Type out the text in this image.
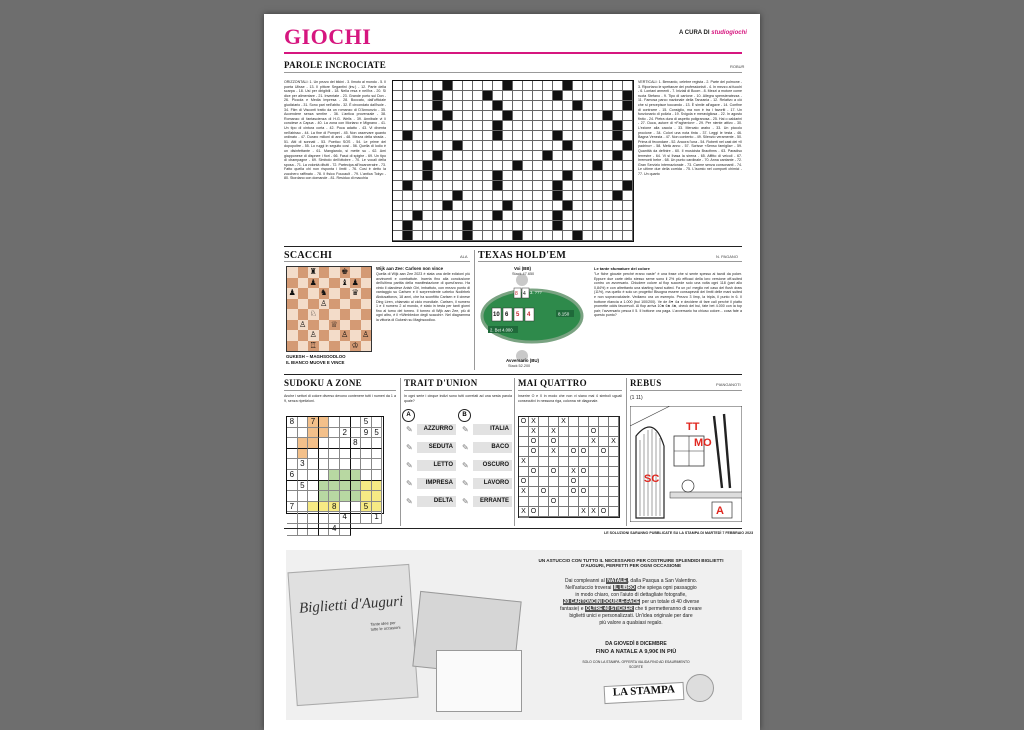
GIOCHI	A CURA DI studiogiochi
PAROLE INCROCIATE	ROBUR
ORIZZONTALI: 1. Un pezzo del bikini - 3. Ilmoto al mondo - 5. Il poeta Ulisse - 13. Il pittore Segantini (inv.) - 12. Parte della scarpa - 18. Usi per dirigibili - 18. Nella resa e nell'ira - 20. Si dice per alimentare - 21. Inventate - 23. Grande porto sul Don - 26. Piccola e Media Impresa - 28. Boccato, dall'ufficiale giudiziario - 31. Sono pari nell'abito - 32. È circondato dall'isole - 34. Film di Visconti tratto da un romanzo di D'Annunzio - 35. Accendere senza sentire - 36. L'antica provenzale - 38. Romanzo di fantascienza di H.G. Wells - 39. Annibale vi li conclese a Capua - 40. La zona con Moriano e Mignano - 41. Un tipo di cintura corta - 42. Poca adatto - 43. Vi diventa nell'abisso - 44. La fine di Pompei - 45. Non osservare quanto ordinato - 47. Duraro milioni di anni - 48. Mezza della strada - 51. Atti di sonnati - 53. Poetico SOS - 54. Le prime del dopopoltre - 55. Lo ruggi in seguito così - 56. Quella di Iodio è un disinfettante - 61. Mangiando, si mette su - 62. Ami giapponese di dispnee i fiori - 66. Fasci di spighe - 69. Un tipo di champagne - 69. Simbolo dell'ottobre - 70. Le vocali della sposa - 71. La volontà ditutti - 72. Partecipa all'incarceraire - 73. Fatto quella chi non risponta i limiti - 76. Cosi è detto la zucchero raffinato - 78. Il fisico Foucault - 79. L'antica Tokyo - 80. Stordano con domande - 81. Residuo di macchia
VERTICALI: 1. Bernardo, celebre regista - 2. Parte del polmone - 3. Riportano le spettanze dei professionisti - 4. In mezzo ai fuochi - 6. Lontani armenti - 7. Iniziali di Boom - 8. Mezzi a motore come ruota Stefano - 9. Tipo di cartone - 10. Allegra spensieratezza - 11. Famosa parco nazionale della Tanzania - 12. Relativo a ciò che si percepisce toccando - 13. È simile all'agave - 14. Confine di contrarre - 15. Consiglio, ma non è tra i favoriti - 17. Un funzionario di polizia - 19. Svigola e meravigliosa - 22. In agosto finito - 24. Pietra dura di aspetto poligranosa - 25. Hai o caldarini - 27. Duca, autore di «Fagherion» - 29. Per niente attivo - 30. L'ezione alla caccia - 33. Mercato arabo - 33. Un piccolo procione - 34. Colori una nota tinta - 37. Leggi le testa - 46. Bagna Venezia - 47. Non contento - 49. Silenzio veramente - 50. Prima di fecondare - 52. Ancora l'una - 54. Roberti nel cast dei «Il padrino» - 58. Metà anno - 57. Scrisse «Senso famiglia» - 59. Quantità da definire - 60. Il musicista Bracthms - 63. Paradiso terrestre - 64. Vi si lhasa la sirena - 65. Affitto di veicoli - 67. Irremonti bebe - 68. Un punto cardinale - 70. Anna cantante - 72. Gran Servizio internazionale - 73. Carme senza consonanti - 74. Le ultime due della corrida - 75. L'isomio nel comporti chimici - 77. Un quarto
SCACCHI	ALA
♜	♚
♟	♝ ♟
♟	♞	♛
♙
♘
♙	♕
♙	♙ ♙
♖	♔
GUKESH – MAGHSOODLOO
IL BIANCO MUOVE E VINCE
Wijk aan Zee: Carlsen non vince
Quella di Wijk aan Zee 2023 è stata una delle edizioni più avvincenti e combattute. Incerta fino alla conclusione dell'ultima partita della manifestazione di quest'anno. Ha vinto il olandese Anish Giri, imbattuto, con mezzo punto di vantaggio su Carlsen e il sorprendente uzbeko Nodirbek Abdusattorov, 18 anni, che ha sconfitto Carlsen e il cinese Ding Liren, chiamato al ciclo mondiale. Carlsen, il numero 1 e il numero 2 al mondo, è stato in testa per tanti giorni fino al turno del torneo. Il torneo di Wijk aan Zee, più di ogni altro, è il «Wimbledon degli scacchi». Nel diagramma la vittoria di Gukesh su Maghsoodloo.
TEXAS HOLD'EM	N. PAGANO
10 6 5 4
8 4
8.150
2. Bet 4.000
1. Check
3. ???
Voi (BB)
Stack 47.650
Avversario (BU)
Stack 52.200
Le tante sfumature del colore
"Le fiche giocate perché erano vaste" è una frase che si sente spesso ai tavoli da poker. Eppure due carte dello stesso seme sono il 2% più efficaci della loro versione off-suited contro un avversario. Chiudere colore al flop succede solo una volta ogni 118 (pari allo 0,84%) e con altrettanto una starting hand suited. Fa un po' meglio nel caso del flush draw (11%), ma quello è solo un progetto! Bisogna essere consapevoli dei limiti delle mani suited e non sopravvalutarle. Vediamo ora un esempio. Prezzo 3 limp, la tripla, il punto in 6. Il bottone rilancia a 1.000 (bui 100/200). Ve de 8♥ 4♠ e decidere di fare call perché il piatto promette odds favorevoli. Al flop arriva 10♣ 6♣ 4♣, check del bui, fate bet 4.000 con la top pair; l'avversario pesca il 5. Il bottone ora paga. L'avversario ha chiuso colore... cosa fate a questo punto?
SUDOKU A ZONE
Anche i settori di colore diverso devono contenere tutti i numeri da 1 a 9, senza ripetizioni.
8	7	5
2	9 5
8
3
6
5
7	8	5
4	1
TRAIT D'UNION
In ogni serie i cinque indizi sono tutti correlati ad una sesta parola quale?
A	B
✎	AZZURRO
✎	SEDUTA
✎	LETTO
✎	IMPRESA
✎	DELTA
✎	ITALIA
✎	BACO
✎	OSCURO
✎	LAVORO
✎	ERRANTE
MAI QUATTRO
Inserire O e X in modo che non vi siano mai 4 simboli uguali consecutivi in nessuna riga, colonna né diagonale.
O X	X
X	X	O
O	O	X	X
O	X	O O	O
X
O	O	X O
O	O
X	O	O O
O
X O	X X O
REBUS	PIANGANOTI
(1 11)
TT
MO
SC
A
LE SOLUZIONI SARANNO PUBBLICATE SU LA STAMPA DI MARTEDÌ 7 FEBBRAIO 2023
Biglietti d'Auguri
Tante idee per tutte le occasioni
UN ASTUCCIO CON TUTTO IL NECESSARIO PER COSTRUIRE SPLENDIDI BIGLIETTI D'AUGURI, PERFETTI PER OGNI OCCASIONE
Dai compleanni al NATALE, dalla Pasqua a San Valentino.
Nell'astuccio troverai IL LIBRO che spiega ogni passaggio
in modo chiaro, con l'aiuto di dettagliate fotografie,
20 CARTONCINI DOUBLE-FACE per un totale di 40 diverse
fantasie) e OLTRE 40 STICKER che ti permetteranno di creare
biglietti unici e personalizzati. Un'idea originale per dare
più valore a qualsiasi regalo.
DA GIOVEDÌ 8 DICEMBRE
FINO A NATALE A 9,90€ IN PIÙ
SOLO CON LA STAMPA. OFFERTA VALIDA FINO AD ESAURIMENTO SCORTE
LA STAMPA
